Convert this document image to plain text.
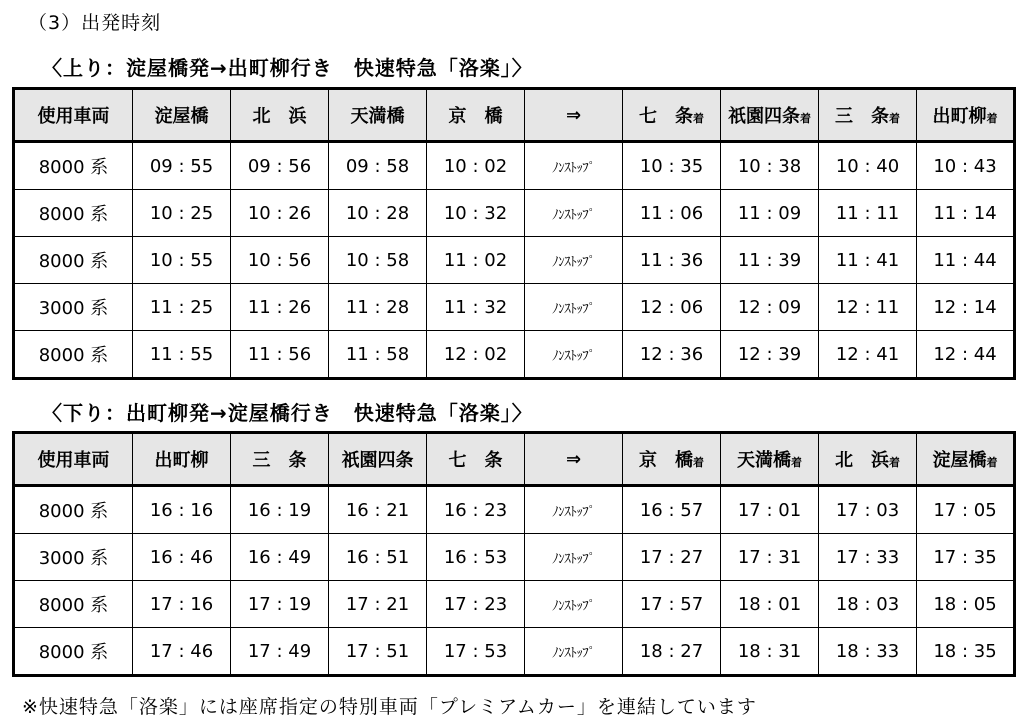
（3）出発時刻
〈上り：淀屋橋発→出町柳行き　快速特急「洛楽」〉
使用車両	淀屋橋	北　浜	天満橋	京　橋	⇒	七　条着	祇園四条着	三　条着	出町柳着
8000 系	09 : 55	09 : 56	09 : 58	10 : 02	ﾉﾝｽﾄｯﾌﾟ	10 : 35	10 : 38	10 : 40	10 : 43
8000 系	10 : 25	10 : 26	10 : 28	10 : 32	ﾉﾝｽﾄｯﾌﾟ	11 : 06	11 : 09	11 : 11	11 : 14
8000 系	10 : 55	10 : 56	10 : 58	11 : 02	ﾉﾝｽﾄｯﾌﾟ	11 : 36	11 : 39	11 : 41	11 : 44
3000 系	11 : 25	11 : 26	11 : 28	11 : 32	ﾉﾝｽﾄｯﾌﾟ	12 : 06	12 : 09	12 : 11	12 : 14
8000 系	11 : 55	11 : 56	11 : 58	12 : 02	ﾉﾝｽﾄｯﾌﾟ	12 : 36	12 : 39	12 : 41	12 : 44
〈下り：出町柳発→淀屋橋行き　快速特急「洛楽」〉
使用車両	出町柳	三　条	祇園四条	七　条	⇒	京　橋着	天満橋着	北　浜着	淀屋橋着
8000 系	16 : 16	16 : 19	16 : 21	16 : 23	ﾉﾝｽﾄｯﾌﾟ	16 : 57	17 : 01	17 : 03	17 : 05
3000 系	16 : 46	16 : 49	16 : 51	16 : 53	ﾉﾝｽﾄｯﾌﾟ	17 : 27	17 : 31	17 : 33	17 : 35
8000 系	17 : 16	17 : 19	17 : 21	17 : 23	ﾉﾝｽﾄｯﾌﾟ	17 : 57	18 : 01	18 : 03	18 : 05
8000 系	17 : 46	17 : 49	17 : 51	17 : 53	ﾉﾝｽﾄｯﾌﾟ	18 : 27	18 : 31	18 : 33	18 : 35
※快速特急「洛楽」には座席指定の特別車両「プレミアムカー」を連結しています
